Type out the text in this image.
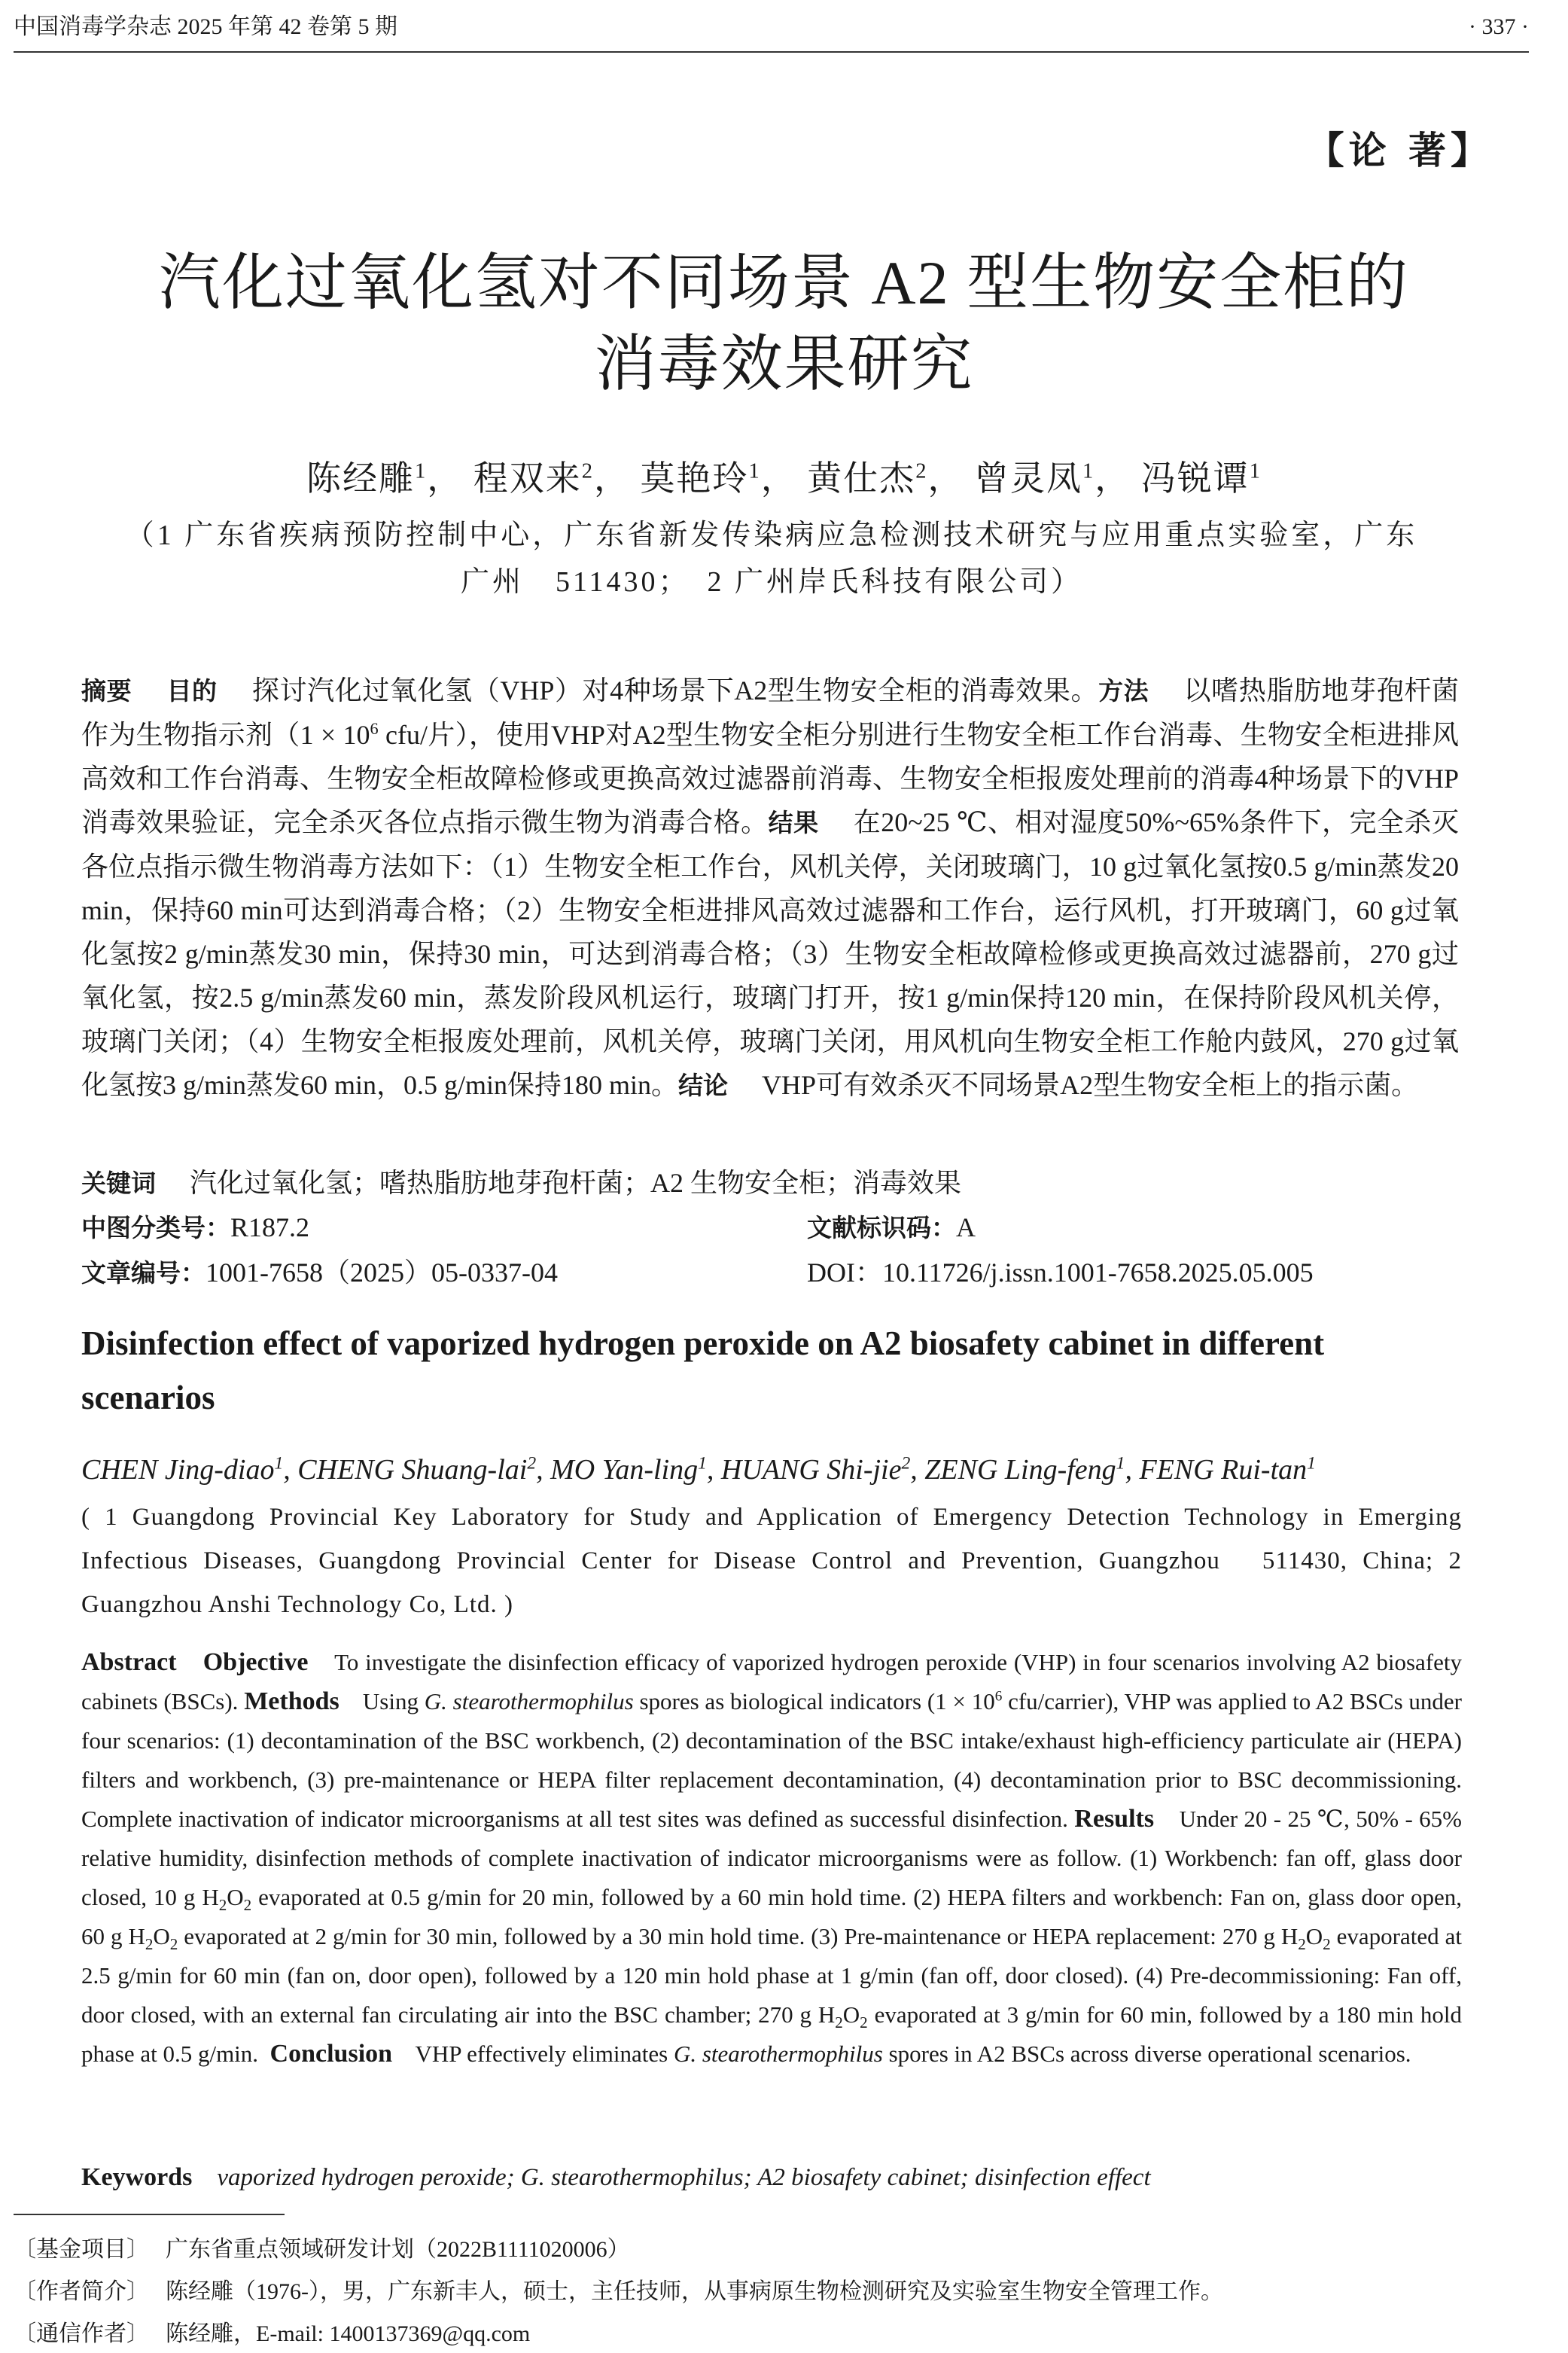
中国消毒学杂志 2025 年第 42 卷第 5 期	· 337 ·
【论 著】
汽化过氧化氢对不同场景 A2 型生物安全柜的
消毒效果研究
陈经雕$^1$， 程双来$^2$， 莫艳玲$^1$， 黄仕杰$^2$， 曾灵凤$^1$， 冯锐谭$^1$
（1 广东省疾病预防控制中心，广东省新发传染病应急检测技术研究与应用重点实验室，广东
广州　511430；　2 广州岸氏科技有限公司）
摘要　 目的　 探讨汽化过氧化氢（VHP）对4种场景下A2型生物安全柜的消毒效果。方法　 以嗜热脂肪地芽孢杆菌作为生物指示剂（$1 \times 10^6$ cfu/片），使用VHP对A2型生物安全柜分别进行生物安全柜工作台消毒、生物安全柜进排风高效和工作台消毒、生物安全柜故障检修或更换高效过滤器前消毒、生物安全柜报废处理前的消毒4种场景下的VHP消毒效果验证，完全杀灭各位点指示微生物为消毒合格。结果　 在20~25 ℃、相对湿度50%~65%条件下，完全杀灭各位点指示微生物消毒方法如下：（1）生物安全柜工作台，风机关停，关闭玻璃门，10 g过氧化氢按0.5 g/min蒸发20 min，保持60 min可达到消毒合格；（2）生物安全柜进排风高效过滤器和工作台，运行风机，打开玻璃门，60 g过氧化氢按2 g/min蒸发30 min，保持30 min，可达到消毒合格；（3）生物安全柜故障检修或更换高效过滤器前，270 g过氧化氢，按2.5 g/min蒸发60 min，蒸发阶段风机运行，玻璃门打开，按1 g/min保持120 min，在保持阶段风机关停，玻璃门关闭；（4）生物安全柜报废处理前，风机关停，玻璃门关闭，用风机向生物安全柜工作舱内鼓风，270 g过氧化氢按3 g/min蒸发60 min，0.5 g/min保持180 min。结论　 VHP可有效杀灭不同场景A2型生物安全柜上的指示菌。
关键词　 汽化过氧化氢；嗜热脂肪地芽孢杆菌；A2 生物安全柜；消毒效果
中图分类号：R187.2	文献标识码：A
文章编号：1001-7658（2025）05-0337-04	DOI：10.11726/j.issn.1001-7658.2025.05.005
Disinfection effect of vaporized hydrogen peroxide on A2 biosafety cabinet in different scenarios
CHEN Jing-diao$^1$, CHENG Shuang-lai$^2$, MO Yan-ling$^1$, HUANG Shi-jie$^2$, ZENG Ling-feng$^1$, FENG Rui-$\tan^1$
( 1 Guangdong Provincial Key Laboratory for Study and Application of Emergency Detection Technology in Emerging Infectious Diseases, Guangdong Provincial Center for Disease Control and Prevention, Guangzhou　511430, China; 2 Guangzhou Anshi Technology Co, Ltd. )
Abstract Objective To investigate the disinfection efficacy of vaporized hydrogen peroxide (VHP) in four scenarios involving A2 biosafety cabinets (BSCs). Methods Using G. stearothermophilus spores as biological indicators ($1 \times 10^6$ cfu/carrier), VHP was applied to A2 BSCs under four scenarios: (1) decontamination of the BSC workbench, (2) decontamination of the BSC intake/exhaust high-efficiency particulate air (HEPA) filters and workbench, (3) pre-maintenance or HEPA filter replacement decontamination, (4) decontamination prior to BSC decommissioning. Complete inactivation of indicator microorganisms at all test sites was defined as successful disinfection. Results Under 20 - 25 ℃, 50% - 65% relative humidity, disinfection methods of complete inactivation of indicator microorganisms were as follow. (1) Workbench: fan off, glass door closed, 10 g $H_2O_2$ evaporated at 0.5 g/min for 20 min, followed by a 60 min hold time. (2) HEPA filters and workbench: Fan on, glass door open, 60 g $H_2O_2$ evaporated at 2 g/min for 30 min, followed by a 30 min hold time. (3) Pre-maintenance or HEPA replacement: 270 g $H_2O_2$ evaporated at 2.5 g/min for 60 min (fan on, door open), followed by a 120 min hold phase at 1 g/min (fan off, door closed). (4) Pre-decommissioning: Fan off, door closed, with an external fan circulating air into the BSC chamber; 270 g $H_2O_2$ evaporated at 3 g/min for 60 min, followed by a 180 min hold phase at 0.5 g/min. Conclusion VHP effectively eliminates G. stearothermophilus spores in A2 BSCs across diverse operational scenarios.
Keywords vaporized hydrogen peroxide; G. stearothermophilus; A2 biosafety cabinet; disinfection effect
〔基金项目〕 广东省重点领域研发计划（2022B1111020006）
〔作者简介〕 陈经雕（1976-），男，广东新丰人，硕士，主任技师，从事病原生物检测研究及实验室生物安全管理工作。
〔通信作者〕 陈经雕，E-mail: 1400137369@qq.com
